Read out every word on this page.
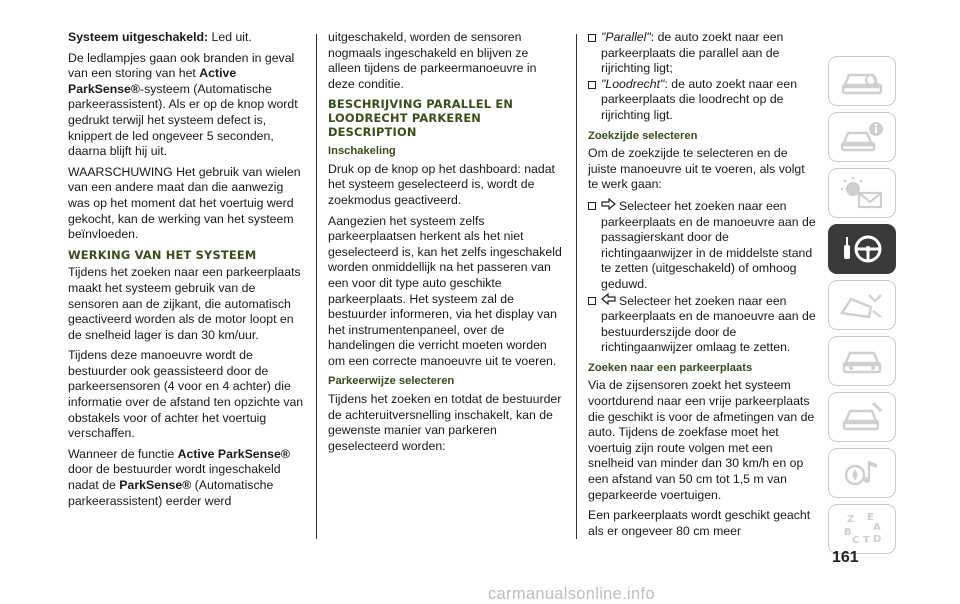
Systeem uitgeschakeld: Led uit.

De ledlampjes gaan ook branden in geval van een storing van het Active ParkSense®-systeem (Automatische parkeerassistent). Als er op de knop wordt gedrukt terwijl het systeem defect is, knippert de led ongeveer 5 seconden, daarna blijft hij uit.

WAARSCHUWING Het gebruik van wielen van een andere maat dan die aanwezig was op het moment dat het voertuig werd gekocht, kan de werking van het systeem beïnvloeden.

WERKING VAN HET SYSTEEM

Tijdens het zoeken naar een parkeerplaats maakt het systeem gebruik van de sensoren aan de zijkant, die automatisch geactiveerd worden als de motor loopt en de snelheid lager is dan 30 km/uur.

Tijdens deze manoeuvre wordt de bestuurder ook geassisteerd door de parkeersensoren (4 voor en 4 achter) die informatie over de afstand ten opzichte van obstakels voor of achter het voertuig verschaffen.

Wanneer de functie Active ParkSense® door de bestuurder wordt ingeschakeld nadat de ParkSense® (Automatische parkeerassistent) eerder werd

uitgeschakeld, worden de sensoren nogmaals ingeschakeld en blijven ze alleen tijdens de parkeermanoeuvre in deze conditie.

BESCHRIJVING PARALLEL EN LOODRECHT PARKEREN DESCRIPTION
Inschakeling

Druk op de knop op het dashboard: nadat het systeem geselecteerd is, wordt de zoekmodus geactiveerd.

Aangezien het systeem zelfs parkeerplaatsen herkent als het niet geselecteerd is, kan het zelfs ingeschakeld worden onmiddellijk na het passeren van een voor dit type auto geschikte parkeerplaats. Het systeem zal de bestuurder informeren, via het display van het instrumentenpaneel, over de handelingen die verricht moeten worden om een correcte manoeuvre uit te voeren.

Parkeerwijze selecteren

Tijdens het zoeken en totdat de bestuurder de achteruitversnelling inschakelt, kan de gewenste manier van parkeren geselecteerd worden:

"Parallel": de auto zoekt naar een parkeerplaats die parallel aan de rijrichting ligt;
"Loodrecht": de auto zoekt naar een parkeerplaats die loodrecht op de rijrichting ligt.
Zoekzijde selecteren

Om de zoekzijde te selecteren en de juiste manoeuvre uit te voeren, als volgt te werk gaan:

Selecteer het zoeken naar een parkeerplaats en de manoeuvre aan de passagierskant door de richtingaanwijzer in de middelste stand te zetten (uitgeschakeld) of omhoog geduwd.
Selecteer het zoeken naar een parkeerplaats en de manoeuvre aan de bestuurderszijde door de richtingaanwijzer omlaag te zetten.
Zoeken naar een parkeerplaats

Via de zijsensoren zoekt het systeem voortdurend naar een vrije parkeerplaats die geschikt is voor de afmetingen van de auto. Tijdens de zoekfase moet het voertuig zijn route volgen met een snelheid van minder dan 30 km/h en op een afstand van 50 cm tot 1,5 m van geparkeerde voertuigen.

Een parkeerplaats wordt geschikt geacht als er ongeveer 80 cm meer

Z E
A
B
C T D
161
carmanualsonline.info
